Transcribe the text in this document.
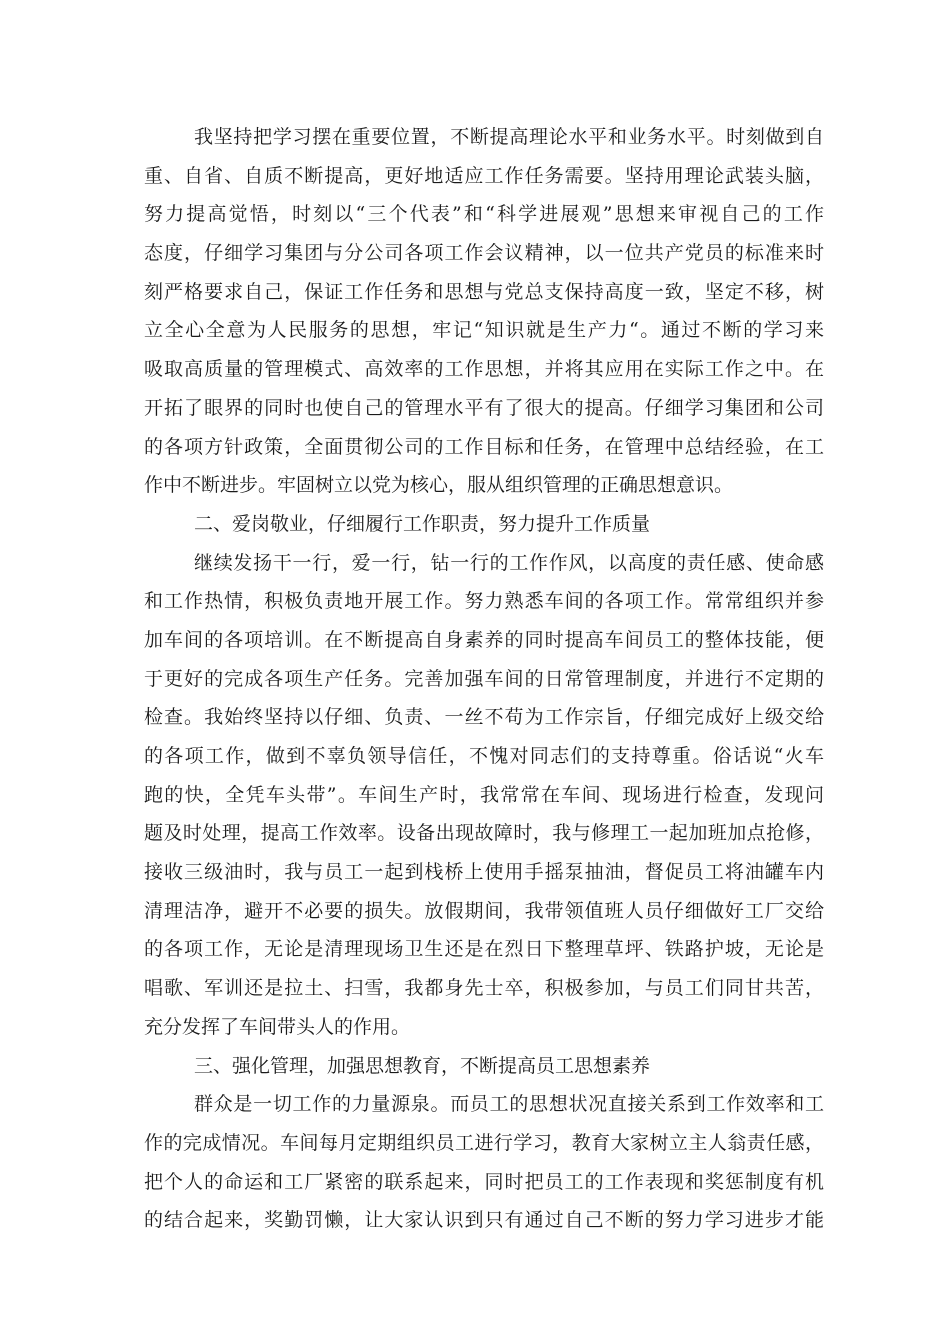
我坚持把学习摆在重要位置，不断提高理论水平和业务水平。时刻做到自
重、自省、自质不断提高，更好地适应工作任务需要。坚持用理论武装头脑，
努力提高觉悟，时刻以“三个代表”和“科学进展观”思想来审视自己的工作
态度，仔细学习集团与分公司各项工作会议精神，以一位共产党员的标准来时
刻严格要求自己，保证工作任务和思想与党总支保持高度一致，坚定不移，树
立全心全意为人民服务的思想，牢记“知识就是生产力“。通过不断的学习来
吸取高质量的管理模式、高效率的工作思想，并将其应用在实际工作之中。在
开拓了眼界的同时也使自己的管理水平有了很大的提高。仔细学习集团和公司
的各项方针政策，全面贯彻公司的工作目标和任务，在管理中总结经验，在工
作中不断进步。牢固树立以党为核心，服从组织管理的正确思想意识。
二、爱岗敬业，仔细履行工作职责，努力提升工作质量
继续发扬干一行，爱一行，钻一行的工作作风，以高度的责任感、使命感
和工作热情，积极负责地开展工作。努力熟悉车间的各项工作。常常组织并参
加车间的各项培训。在不断提高自身素养的同时提高车间员工的整体技能，便
于更好的完成各项生产任务。完善加强车间的日常管理制度，并进行不定期的
检查。我始终坚持以仔细、负责、一丝不苟为工作宗旨，仔细完成好上级交给
的各项工作，做到不辜负领导信任，不愧对同志们的支持尊重。俗话说“火车
跑的快，全凭车头带”。车间生产时，我常常在车间、现场进行检查，发现问
题及时处理，提高工作效率。设备出现故障时，我与修理工一起加班加点抢修，
接收三级油时，我与员工一起到栈桥上使用手摇泵抽油，督促员工将油罐车内
清理洁净，避开不必要的损失。放假期间，我带领值班人员仔细做好工厂交给
的各项工作，无论是清理现场卫生还是在烈日下整理草坪、铁路护坡，无论是
唱歌、军训还是拉土、扫雪，我都身先士卒，积极参加，与员工们同甘共苦，
充分发挥了车间带头人的作用。
三、强化管理，加强思想教育，不断提高员工思想素养
群众是一切工作的力量源泉。而员工的思想状况直接关系到工作效率和工
作的完成情况。车间每月定期组织员工进行学习，教育大家树立主人翁责任感，
把个人的命运和工厂紧密的联系起来，同时把员工的工作表现和奖惩制度有机
的结合起来，奖勤罚懒，让大家认识到只有通过自己不断的努力学习进步才能
